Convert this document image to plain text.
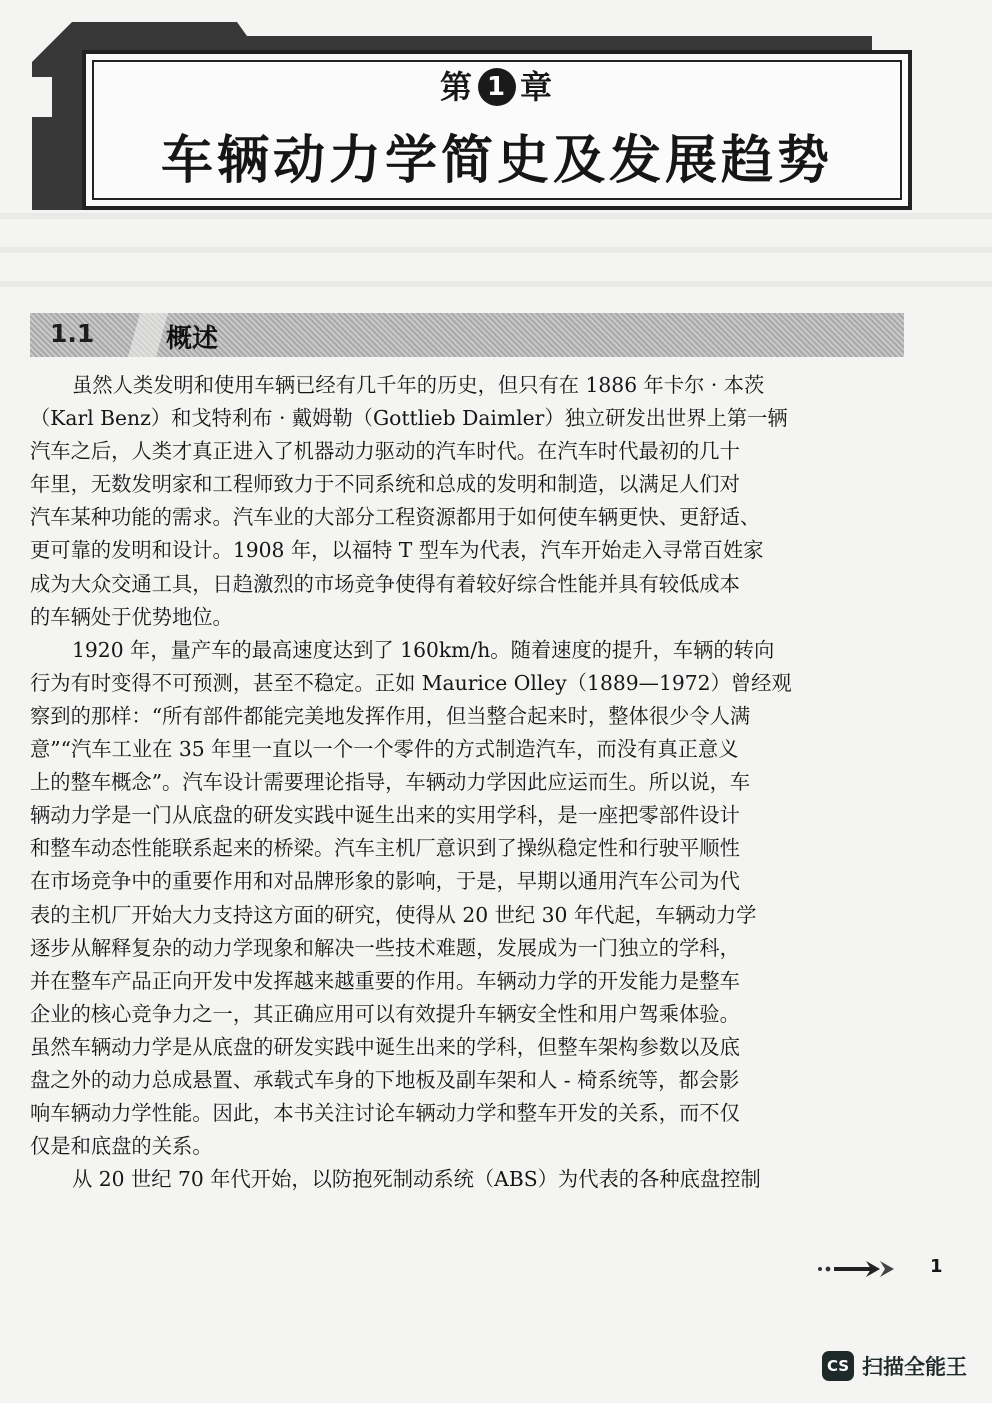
第 1 章
车辆动力学简史及发展趋势
1.1	概述
虽然人类发明和使用车辆已经有几千年的历史，但只有在 1886 年卡尔 · 本茨
（Karl Benz）和戈特利布 · 戴姆勒（Gottlieb Daimler）独立研发出世界上第一辆
汽车之后，人类才真正进入了机器动力驱动的汽车时代。在汽车时代最初的几十
年里，无数发明家和工程师致力于不同系统和总成的发明和制造，以满足人们对
汽车某种功能的需求。汽车业的大部分工程资源都用于如何使车辆更快、更舒适、
更可靠的发明和设计。1908 年，以福特 T 型车为代表，汽车开始走入寻常百姓家
成为大众交通工具，日趋激烈的市场竞争使得有着较好综合性能并具有较低成本
的车辆处于优势地位。
1920 年，量产车的最高速度达到了 160km/h。随着速度的提升，车辆的转向
行为有时变得不可预测，甚至不稳定。正如 Maurice Olley（1889—1972）曾经观
察到的那样：“所有部件都能完美地发挥作用，但当整合起来时，整体很少令人满
意”“汽车工业在 35 年里一直以一个一个零件的方式制造汽车，而没有真正意义
上的整车概念”。汽车设计需要理论指导，车辆动力学因此应运而生。所以说，车
辆动力学是一门从底盘的研发实践中诞生出来的实用学科，是一座把零部件设计
和整车动态性能联系起来的桥梁。汽车主机厂意识到了操纵稳定性和行驶平顺性
在市场竞争中的重要作用和对品牌形象的影响，于是，早期以通用汽车公司为代
表的主机厂开始大力支持这方面的研究，使得从 20 世纪 30 年代起，车辆动力学
逐步从解释复杂的动力学现象和解决一些技术难题，发展成为一门独立的学科，
并在整车产品正向开发中发挥越来越重要的作用。车辆动力学的开发能力是整车
企业的核心竞争力之一，其正确应用可以有效提升车辆安全性和用户驾乘体验。
虽然车辆动力学是从底盘的研发实践中诞生出来的学科，但整车架构参数以及底
盘之外的动力总成悬置、承载式车身的下地板及副车架和人 - 椅系统等，都会影
响车辆动力学性能。因此，本书关注讨论车辆动力学和整车开发的关系，而不仅
仅是和底盘的关系。
从 20 世纪 70 年代开始，以防抱死制动系统（ABS）为代表的各种底盘控制
1
CS 扫描全能王
